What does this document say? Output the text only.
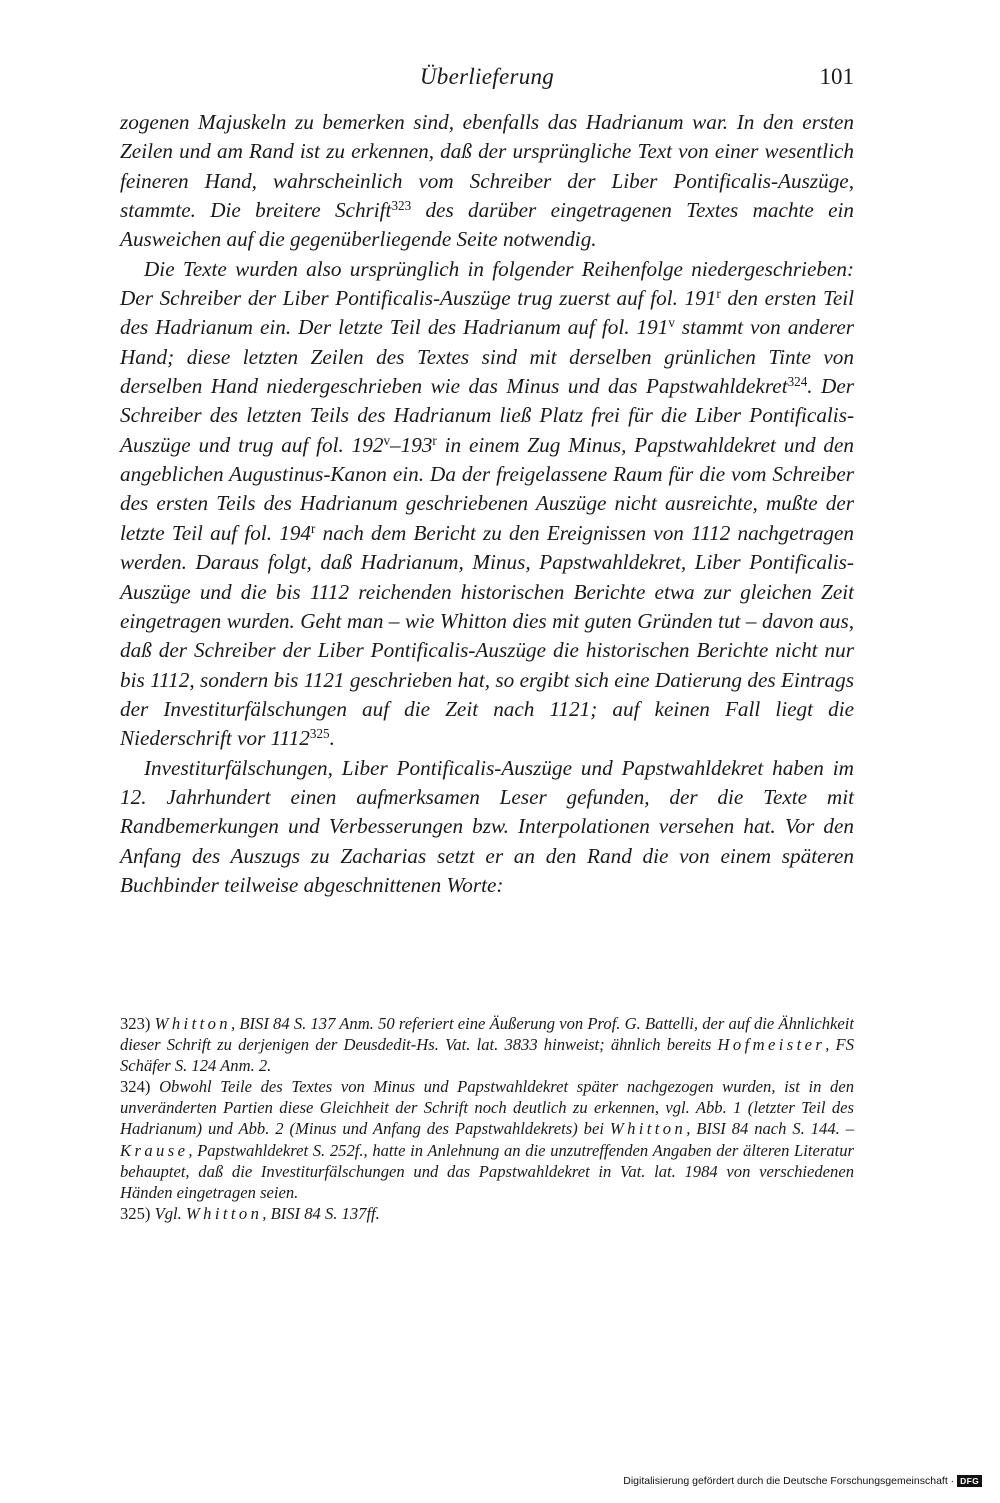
Überlieferung	101

zogenen Majuskeln zu bemerken sind, ebenfalls das Hadrianum war. In den ersten Zeilen und am Rand ist zu erkennen, daß der ursprüngliche Text von einer wesentlich feineren Hand, wahrscheinlich vom Schreiber der Liber Pontificalis-Auszüge, stammte. Die breitere Schrift$^{323}$ des darüber eingetragenen Textes machte ein Ausweichen auf die gegenüberliegende Seite notwendig.

Die Texte wurden also ursprünglich in folgender Reihenfolge niedergeschrieben: Der Schreiber der Liber Pontificalis-Auszüge trug zuerst auf fol. 191$^r$ den ersten Teil des Hadrianum ein. Der letzte Teil des Hadrianum auf fol. 191$^v$ stammt von anderer Hand; diese letzten Zeilen des Textes sind mit derselben grünlichen Tinte von derselben Hand niedergeschrieben wie das Minus und das Papstwahldekret$^{324}$. Der Schreiber des letzten Teils des Hadrianum ließ Platz frei für die Liber Pontificalis-Auszüge und trug auf fol. 192$^v$–193$^r$ in einem Zug Minus, Papstwahldekret und den angeblichen Augustinus-Kanon ein. Da der freigelassene Raum für die vom Schreiber des ersten Teils des Hadrianum geschriebenen Auszüge nicht ausreichte, mußte der letzte Teil auf fol. 194$^r$ nach dem Bericht zu den Ereignissen von 1112 nachgetragen werden. Daraus folgt, daß Hadrianum, Minus, Papstwahldekret, Liber Pontificalis-Auszüge und die bis 1112 reichenden historischen Berichte etwa zur gleichen Zeit eingetragen wurden. Geht man – wie Whitton dies mit guten Gründen tut – davon aus, daß der Schreiber der Liber Pontificalis-Auszüge die historischen Berichte nicht nur bis 1112, sondern bis 1121 geschrieben hat, so ergibt sich eine Datierung des Eintrags der Investiturfälschungen auf die Zeit nach 1121; auf keinen Fall liegt die Niederschrift vor 1112$^{325}$.

Investiturfälschungen, Liber Pontificalis-Auszüge und Papstwahldekret haben im 12. Jahrhundert einen aufmerksamen Leser gefunden, der die Texte mit Randbemerkungen und Verbesserungen bzw. Interpolationen versehen hat. Vor den Anfang des Auszugs zu Zacharias setzt er an den Rand die von einem späteren Buchbinder teilweise abgeschnittenen Worte:

323) Whitton, BISI 84 S. 137 Anm. 50 referiert eine Äußerung von Prof. G. Battelli, der auf die Ähnlichkeit dieser Schrift zu derjenigen der Deusdedit-Hs. Vat. lat. 3833 hinweist; ähnlich bereits Hofmeister, FS Schäfer S. 124 Anm. 2.

324) Obwohl Teile des Textes von Minus und Papstwahldekret später nachgezogen wurden, ist in den unveränderten Partien diese Gleichheit der Schrift noch deutlich zu erkennen, vgl. Abb. 1 (letzter Teil des Hadrianum) und Abb. 2 (Minus und Anfang des Papstwahldekrets) bei Whitton, BISI 84 nach S. 144. – Krause, Papstwahldekret S. 252f., hatte in Anlehnung an die unzutreffenden Angaben der älteren Literatur behauptet, daß die Investiturfälschungen und das Papstwahldekret in Vat. lat. 1984 von verschiedenen Händen eingetragen seien.

325) Vgl. Whitton, BISI 84 S. 137ff.

Digitalisierung gefördert durch die Deutsche Forschungsgemeinschaft · DFG
